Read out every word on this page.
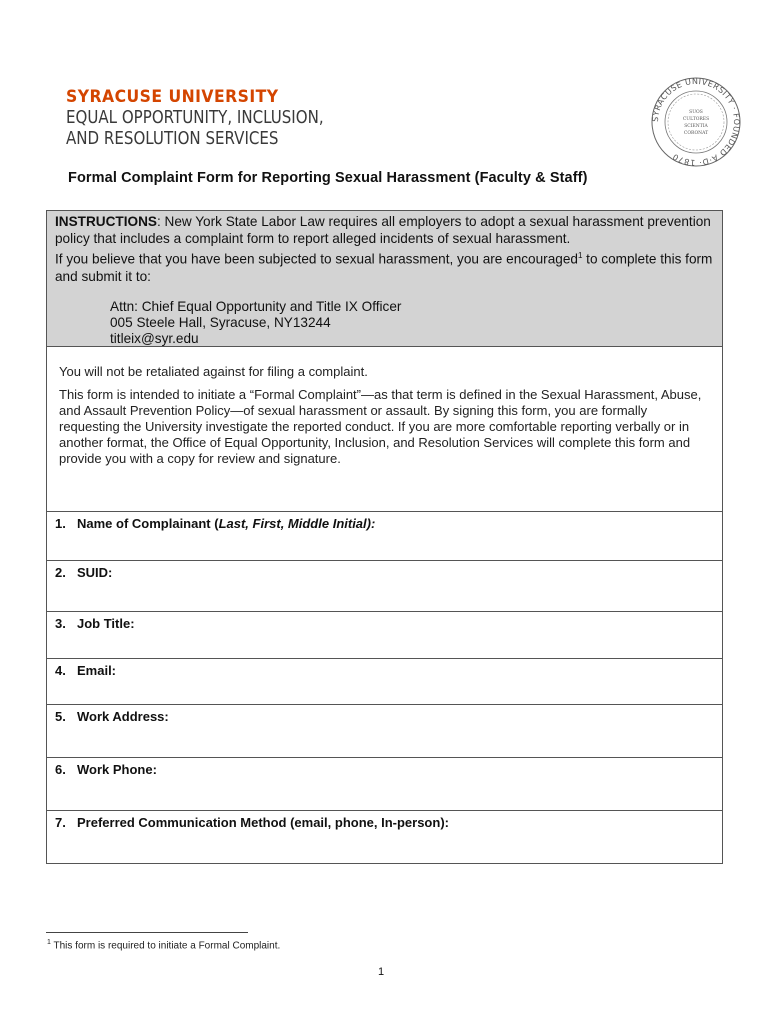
SYRACUSE UNIVERSITY
EQUAL OPPORTUNITY, INCLUSION,
AND RESOLUTION SERVICES
SYRACUSE UNIVERSITY · FOUNDED A·D· 1870
SUOS
CULTORES
SCIENTIA
CORONAT
Formal Complaint Form for Reporting Sexual Harassment (Faculty & Staff)
INSTRUCTIONS: New York State Labor Law requires all employers to adopt a sexual harassment prevention policy that includes a complaint form to report alleged incidents of sexual harassment.
If you believe that you have been subjected to sexual harassment, you are encouraged$^1$ to complete this form and submit it to:
Attn: Chief Equal Opportunity and Title IX Officer
005 Steele Hall, Syracuse, NY13244
titleix@syr.edu

You will not be retaliated against for filing a complaint.

This form is intended to initiate a “Formal Complaint”—as that term is defined in the Sexual Harassment, Abuse, and Assault Prevention Policy—of sexual harassment or assault. By signing this form, you are formally requesting the University investigate the reported conduct. If you are more comfortable reporting verbally or in another format, the Office of Equal Opportunity, Inclusion, and Resolution Services will complete this form and provide you with a copy for review and signature.

1. Name of Complainant (Last, First, Middle Initial):
2. SUID:
3. Job Title:
4. Email:
5. Work Address:
6. Work Phone:
7. Preferred Communication Method (email, phone, In-person):
$^1$ This form is required to initiate a Formal Complaint.
1
